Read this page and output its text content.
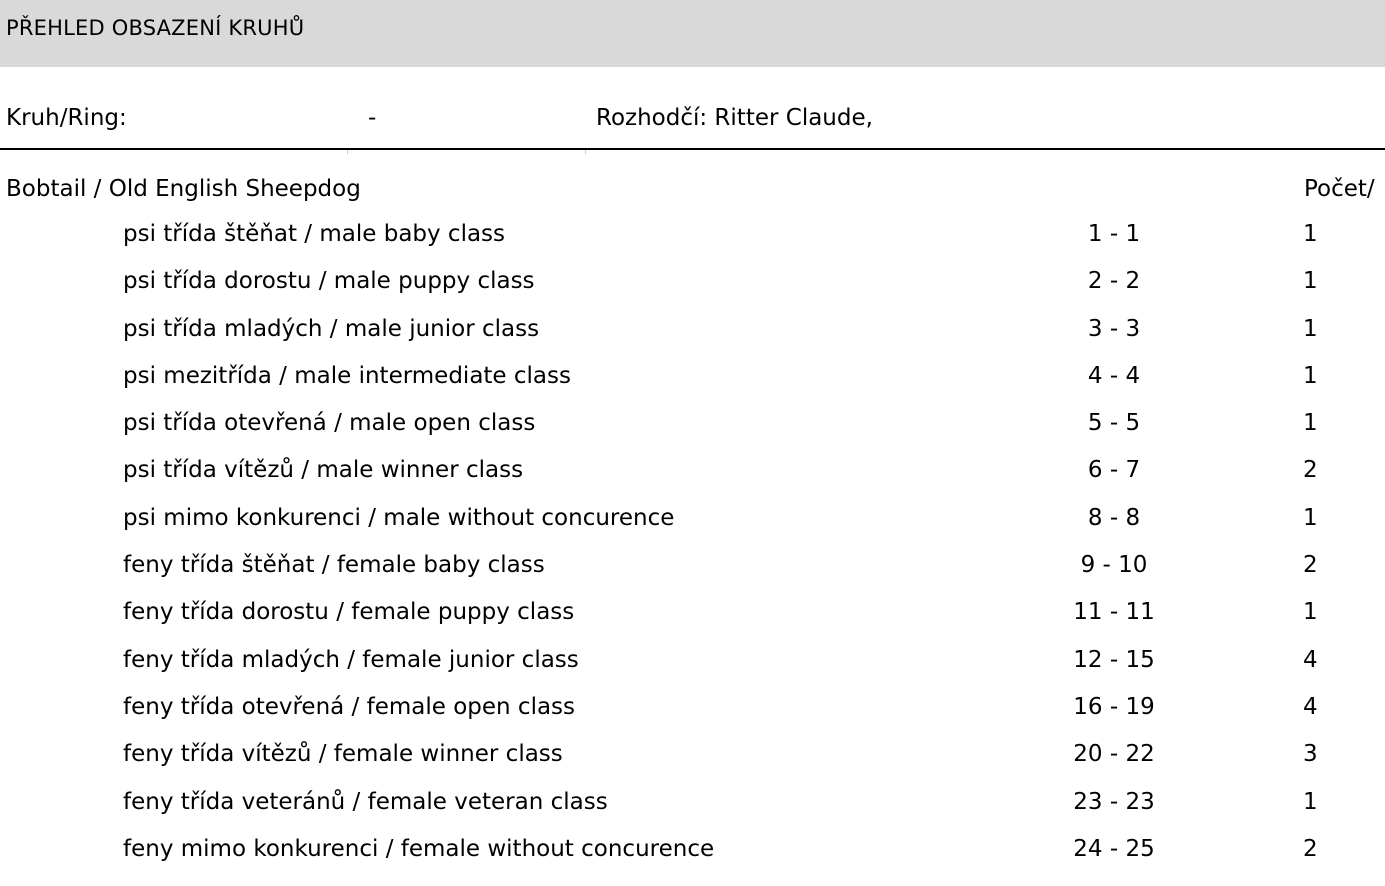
PŘEHLED OBSAZENÍ KRUHŮ
Kruh/Ring:	-	Rozhodčí: Ritter Claude,
Bobtail / Old English Sheepdog	Počet/
psi třída štěňat / male baby class	1 - 1	1
psi třída dorostu / male puppy class	2 - 2	1
psi třída mladých / male junior class	3 - 3	1
psi mezitřída / male intermediate class	4 - 4	1
psi třída otevřená / male open class	5 - 5	1
psi třída vítězů / male winner class	6 - 7	2
psi mimo konkurenci / male without concurence	8 - 8	1
feny třída štěňat / female baby class	9 - 10	2
feny třída dorostu / female puppy class	11 - 11	1
feny třída mladých / female junior class	12 - 15	4
feny třída otevřená / female open class	16 - 19	4
feny třída vítězů / female winner class	20 - 22	3
feny třída veteránů / female veteran class	23 - 23	1
feny mimo konkurenci / female without concurence	24 - 25	2
